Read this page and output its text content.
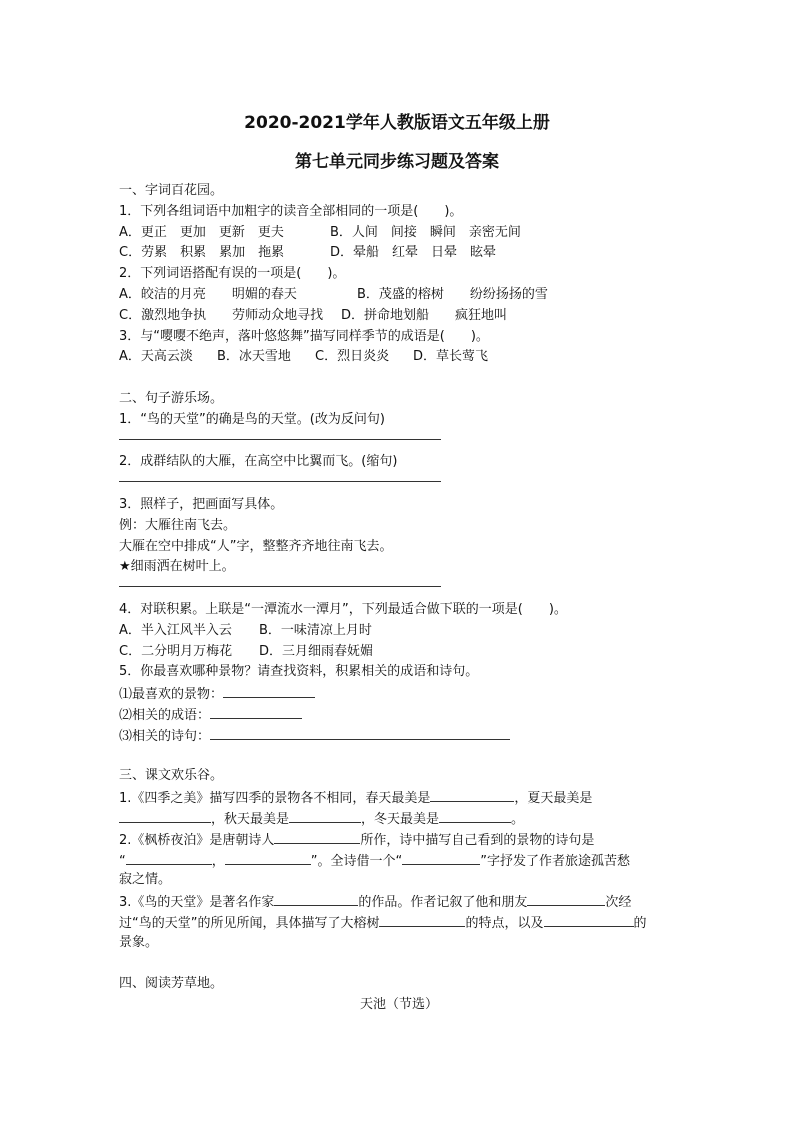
2020-2021学年人教版语文五年级上册
第七单元同步练习题及答案
一、字词百花园。
1．下列各组词语中加粗字的读音全部相同的一项是(　　)。
A．更正　更加　更新　更夫	B．人间　间接　瞬间　亲密无间
C．劳累　积累　累加　拖累	D．晕船　红晕　日晕　眩晕
2．下列词语搭配有误的一项是(　　)。
A．皎洁的月亮　　明媚的春天	B．茂盛的榕树　　纷纷扬扬的雪
C．激烈地争执　　劳师动众地寻找 D．拼命地划船　　疯狂地叫
3．与“嘤嘤不绝声，落叶悠悠舞”描写同样季节的成语是(　　)。
A．天高云淡 B．冰天雪地 C．烈日炎炎 D．草长莺飞
二、句子游乐场。
1．“鸟的天堂”的确是鸟的天堂。(改为反问句)
2．成群结队的大雁，在高空中比翼而飞。(缩句)
3．照样子，把画面写具体。
例：大雁往南飞去。
大雁在空中排成“人”字，整整齐齐地往南飞去。
★细雨洒在树叶上。
4．对联积累。上联是“一潭流水一潭月”，下列最适合做下联的一项是(　　)。
A．半入江风半入云 B．一味清凉上月时
C．二分明月万梅花 D．三月细雨春妩媚
5．你最喜欢哪种景物？请查找资料，积累相关的成语和诗句。
⑴最喜欢的景物：
⑵相关的成语：
⑶相关的诗句：
三、课文欢乐谷。
1.《四季之美》描写四季的景物各不相同，春天最美是	，夏天最美是
，秋天最美是	，冬天最美是	。
2.《枫桥夜泊》是唐朝诗人	所作，诗中描写自己看到的景物的诗句是
“	，	”。全诗借一个“	”字抒发了作者旅途孤苦愁
寂之情。
3.《鸟的天堂》是著名作家	的作品。作者记叙了他和朋友	次经
过“鸟的天堂”的所见所闻，具体描写了大榕树	的特点，以及	的
景象。
四、阅读芳草地。
天池（节选）
